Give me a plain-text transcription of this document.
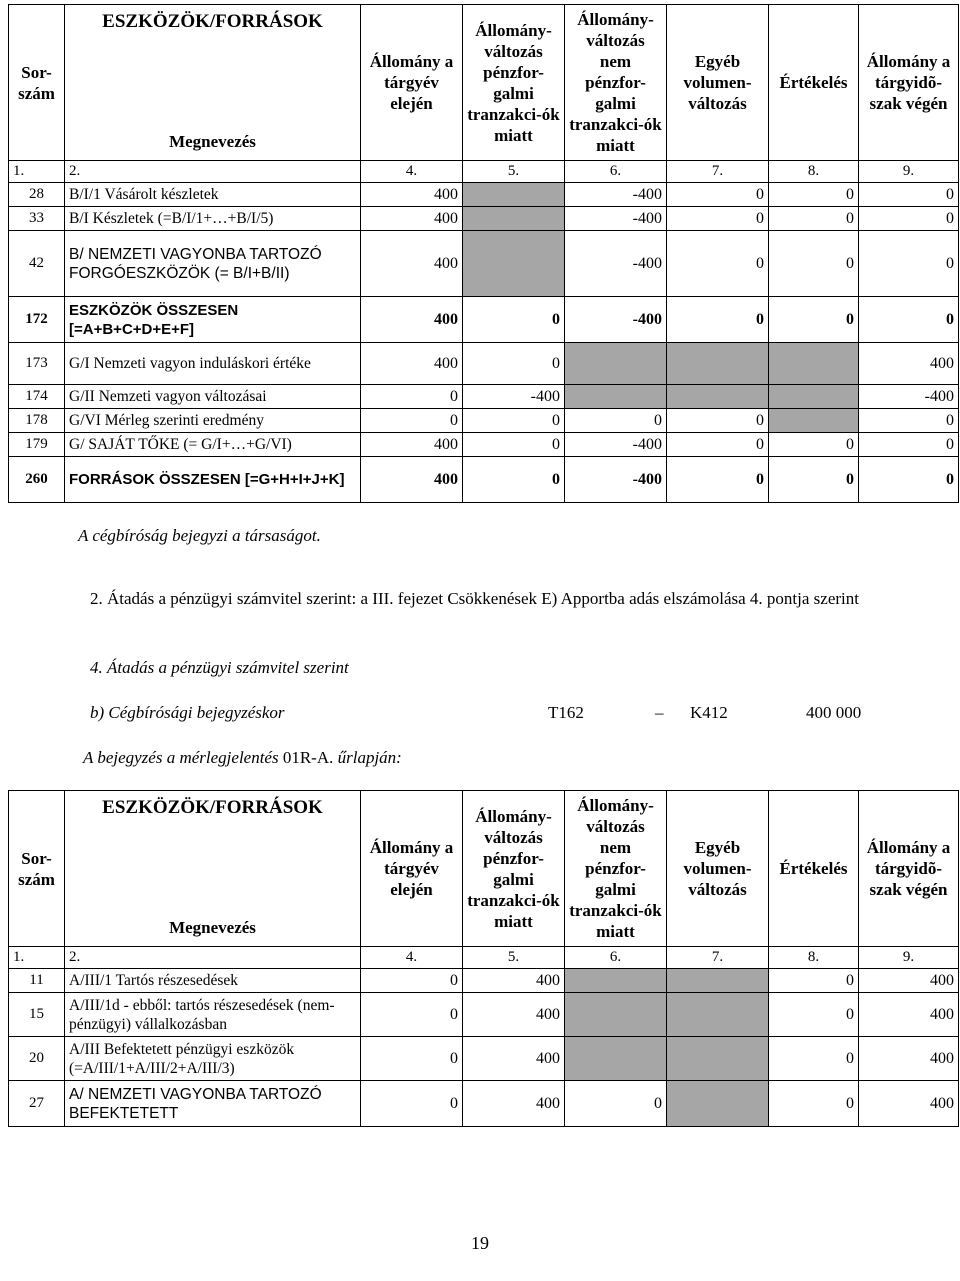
Sor-szám	ESZKÖZÖK/FORRÁSOK	Állomány a tárgyév elején	Állomány-változás pénzfor-galmi tranzakci-ók miatt	Állomány-változás nem pénzfor-galmi tranzakci-ók miatt	Egyéb volumen-változás	Értékelés	Állomány a tárgyidõ-szak végén
	Megnevezés						
1.	2.	4.	5.	6.	7.	8.	9.
28	B/I/1 Vásárolt készletek	400		-400	0	0	0
33	B/I Készletek (=B/I/1+…+B/I/5)	400		-400	0	0	0
42	B/ NEMZETI VAGYONBA TARTOZÓ FORGÓESZKÖZÖK (= B/I+B/II)	400		-400	0	0	0
172	ESZKÖZÖK ÖSSZESEN [=A+B+C+D+E+F]	400	0	-400	0	0	0
173	G/I Nemzeti vagyon induláskori értéke	400	0				400
174	G/II Nemzeti vagyon változásai	0	-400				-400
178	G/VI Mérleg szerinti eredmény	0	0	0	0		0
179	G/ SAJÁT TŐKE (= G/I+…+G/VI)	400	0	-400	0	0	0
260	FORRÁSOK ÖSSZESEN [=G+H+I+J+K]	400	0	-400	0	0	0
A cégbíróság bejegyzi a társaságot.
2. Átadás a pénzügyi számvitel szerint: a III. fejezet Csökkenések E) Apportba adás elszámolása 4. pontja szerint
4. Átadás a pénzügyi számvitel szerint
b) Cégbírósági bejegyzéskor	T162	– K412	400 000
A bejegyzés a mérlegjelentés 01R-A. űrlapján:
Sor-szám	ESZKÖZÖK/FORRÁSOK	Állomány a tárgyév elején	Állomány-változás pénzfor-galmi tranzakci-ók miatt	Állomány-változás nem pénzfor-galmi tranzakci-ók miatt	Egyéb volumen-változás	Értékelés	Állomány a tárgyidõ-szak végén
	Megnevezés						
1.	2.	4.	5.	6.	7.	8.	9.
11	A/III/1 Tartós részesedések	0	400			0	400
15	A/III/1d - ebből: tartós részesedések (nem-pénzügyi) vállalkozásban	0	400			0	400
20	A/III Befektetett pénzügyi eszközök (=A/III/1+A/III/2+A/III/3)	0	400			0	400
27	A/ NEMZETI VAGYONBA TARTOZÓ BEFEKTETETT	0	400	0		0	400
19
